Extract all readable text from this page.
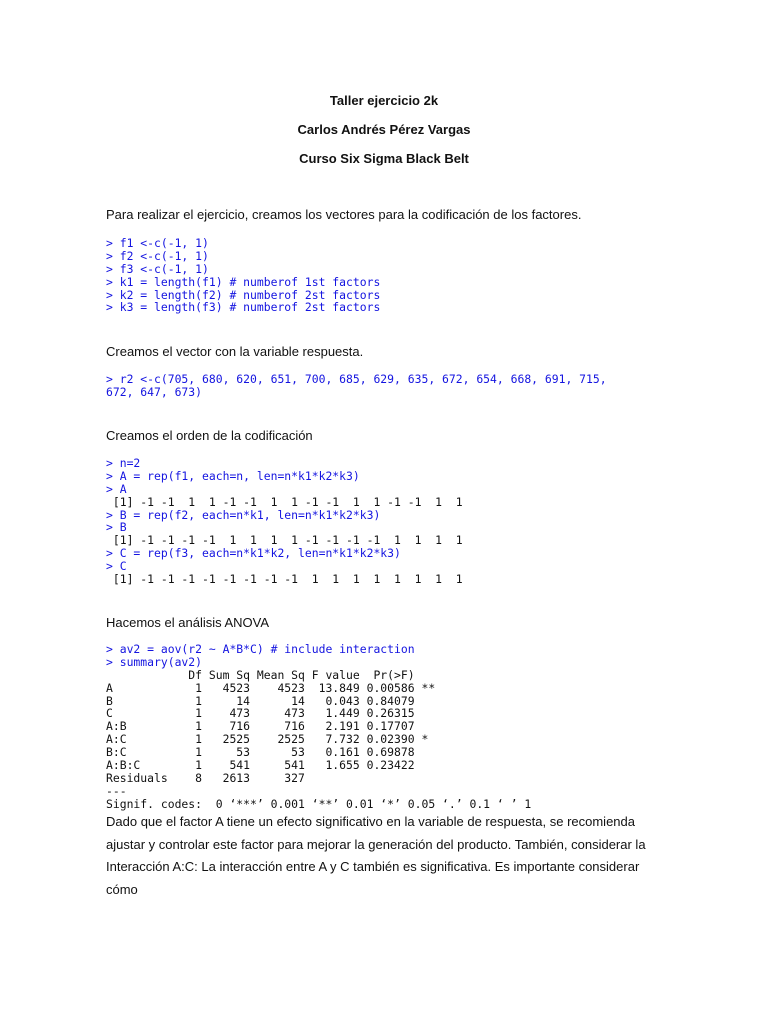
Taller ejercicio 2k
Carlos Andrés Pérez Vargas
Curso Six Sigma Black Belt
Para realizar el ejercicio, creamos los vectores para la codificación de los factores.
> f1 <-c(-1, 1)
> f2 <-c(-1, 1)
> f3 <-c(-1, 1)
> k1 = length(f1) # numberof 1st factors
> k2 = length(f2) # numberof 2st factors
> k3 = length(f3) # numberof 2st factors
Creamos el vector con la variable respuesta.
> r2 <-c(705, 680, 620, 651, 700, 685, 629, 635, 672, 654, 668, 691, 715,
672, 647, 673)
Creamos el orden de la codificación
> n=2
> A = rep(f1, each=n, len=n*k1*k2*k3)
> A
[1] -1 -1  1  1 -1 -1  1  1 -1 -1  1  1 -1 -1  1  1
> B = rep(f2, each=n*k1, len=n*k1*k2*k3)
> B
[1] -1 -1 -1 -1  1  1  1  1 -1 -1 -1 -1  1  1  1  1
> C = rep(f3, each=n*k1*k2, len=n*k1*k2*k3)
> C
[1] -1 -1 -1 -1 -1 -1 -1 -1  1  1  1  1  1  1  1  1
Hacemos el análisis ANOVA
> av2 = aov(r2 ~ A*B*C) # include interaction
> summary(av2)
Df Sum Sq Mean Sq F value  Pr(>F)
A            1   4523    4523  13.849 0.00586 **
B            1     14      14   0.043 0.84079
C            1    473     473   1.449 0.26315
A:B          1    716     716   2.191 0.17707
A:C          1   2525    2525   7.732 0.02390 *
B:C          1     53      53   0.161 0.69878
A:B:C        1    541     541   1.655 0.23422
Residuals    8   2613     327
---
Signif. codes:  0 ‘***’ 0.001 ‘**’ 0.01 ‘*’ 0.05 ‘.’ 0.1 ‘ ’ 1
Dado que el factor A tiene un efecto significativo en la variable de respuesta, se recomienda ajustar y controlar este factor para mejorar la generación del producto. También, considerar la Interacción A:C: La interacción entre A y C también es significativa. Es importante considerar cómo
